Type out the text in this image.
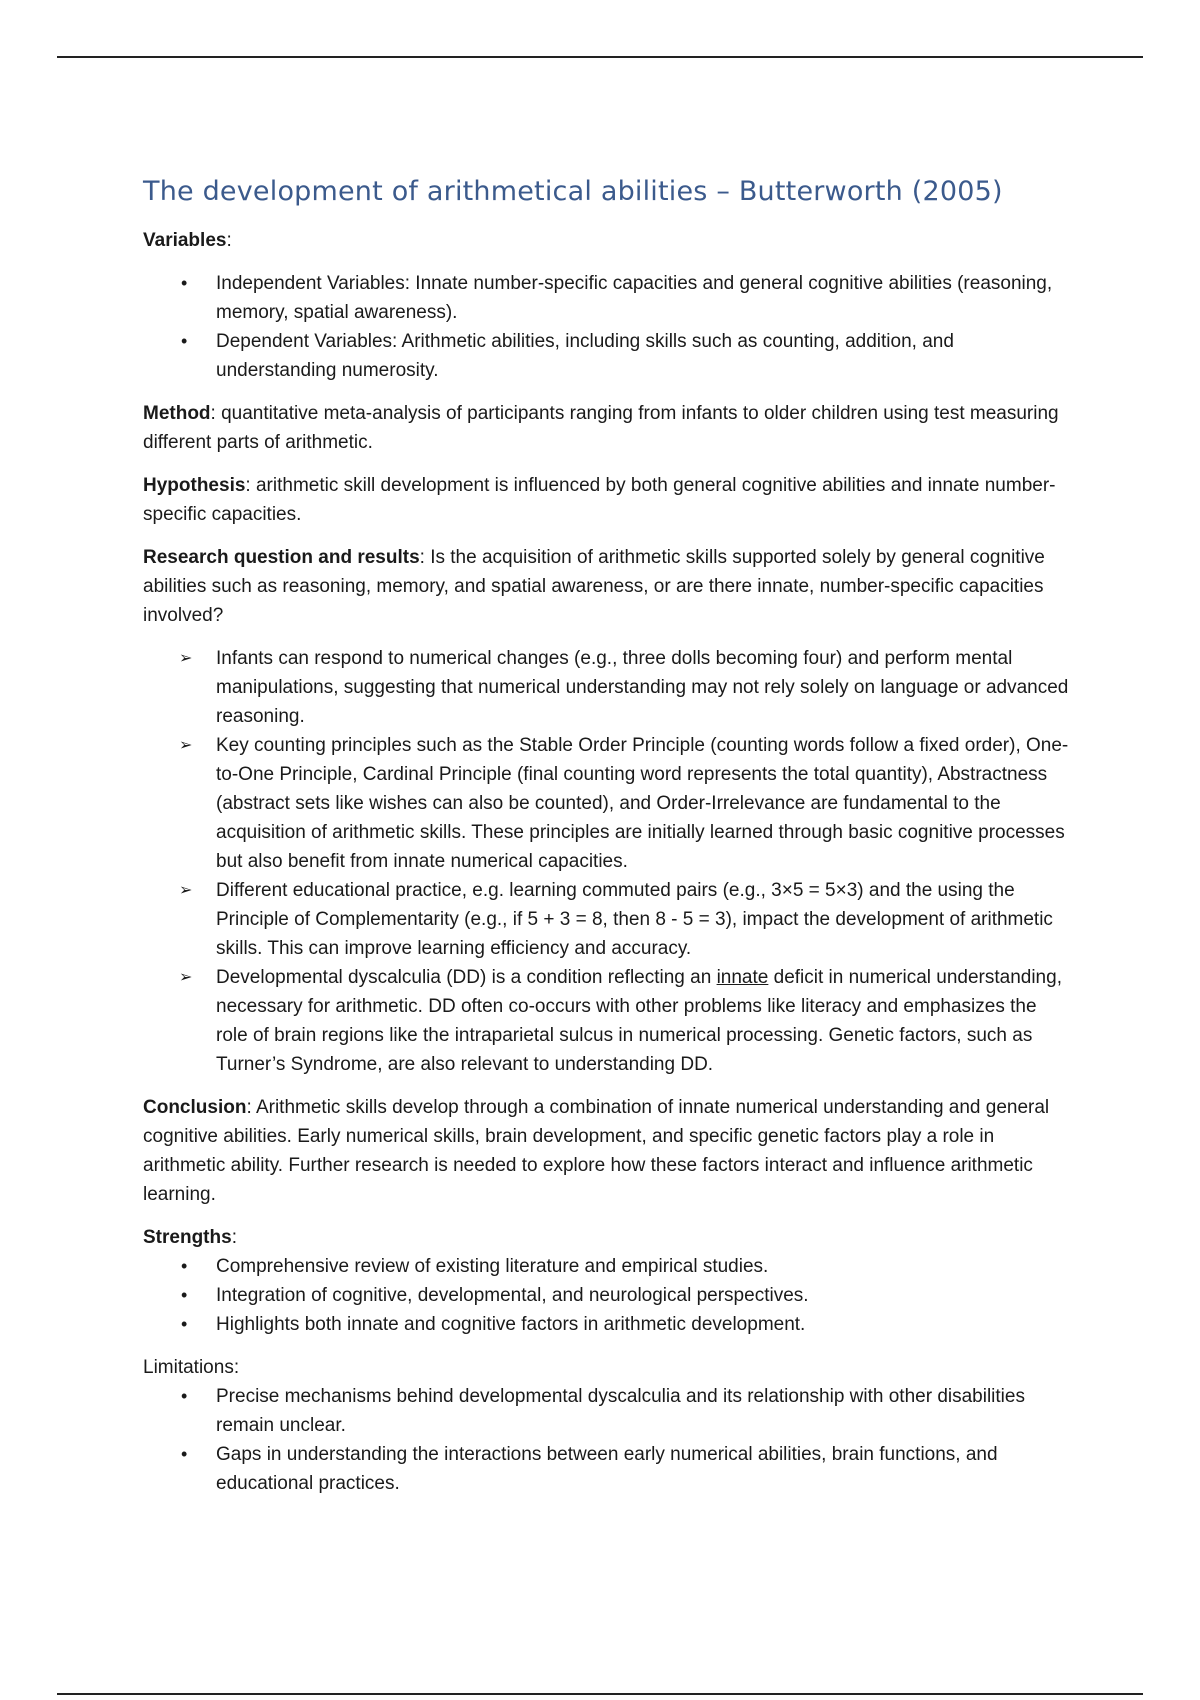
The development of arithmetical abilities – Butterworth (2005)

Variables:

• Independent Variables: Innate number-specific capacities and general cognitive abilities (reasoning, memory, spatial awareness).
• Dependent Variables: Arithmetic abilities, including skills such as counting, addition, and understanding numerosity.

Method: quantitative meta-analysis of participants ranging from infants to older children using test measuring different parts of arithmetic.

Hypothesis: arithmetic skill development is influenced by both general cognitive abilities and innate number-specific capacities.

Research question and results: Is the acquisition of arithmetic skills supported solely by general cognitive abilities such as reasoning, memory, and spatial awareness, or are there innate, number-specific capacities involved?

➢ Infants can respond to numerical changes (e.g., three dolls becoming four) and perform mental manipulations, suggesting that numerical understanding may not rely solely on language or advanced reasoning.
➢ Key counting principles such as the Stable Order Principle (counting words follow a fixed order), One-to-One Principle, Cardinal Principle (final counting word represents the total quantity), Abstractness (abstract sets like wishes can also be counted), and Order-Irrelevance are fundamental to the acquisition of arithmetic skills. These principles are initially learned through basic cognitive processes but also benefit from innate numerical capacities.
➢ Different educational practice, e.g. learning commuted pairs (e.g., 3×5 = 5×3) and the using the Principle of Complementarity (e.g., if 5 + 3 = 8, then 8 - 5 = 3), impact the development of arithmetic skills. This can improve learning efficiency and accuracy.
➢ Developmental dyscalculia (DD) is a condition reflecting an innate deficit in numerical understanding, necessary for arithmetic. DD often co-occurs with other problems like literacy and emphasizes the role of brain regions like the intraparietal sulcus in numerical processing. Genetic factors, such as Turner’s Syndrome, are also relevant to understanding DD.

Conclusion: Arithmetic skills develop through a combination of innate numerical understanding and general cognitive abilities. Early numerical skills, brain development, and specific genetic factors play a role in arithmetic ability. Further research is needed to explore how these factors interact and influence arithmetic learning.

Strengths:

• Comprehensive review of existing literature and empirical studies.
• Integration of cognitive, developmental, and neurological perspectives.
• Highlights both innate and cognitive factors in arithmetic development.

Limitations:

• Precise mechanisms behind developmental dyscalculia and its relationship with other disabilities remain unclear.
• Gaps in understanding the interactions between early numerical abilities, brain functions, and educational practices.
